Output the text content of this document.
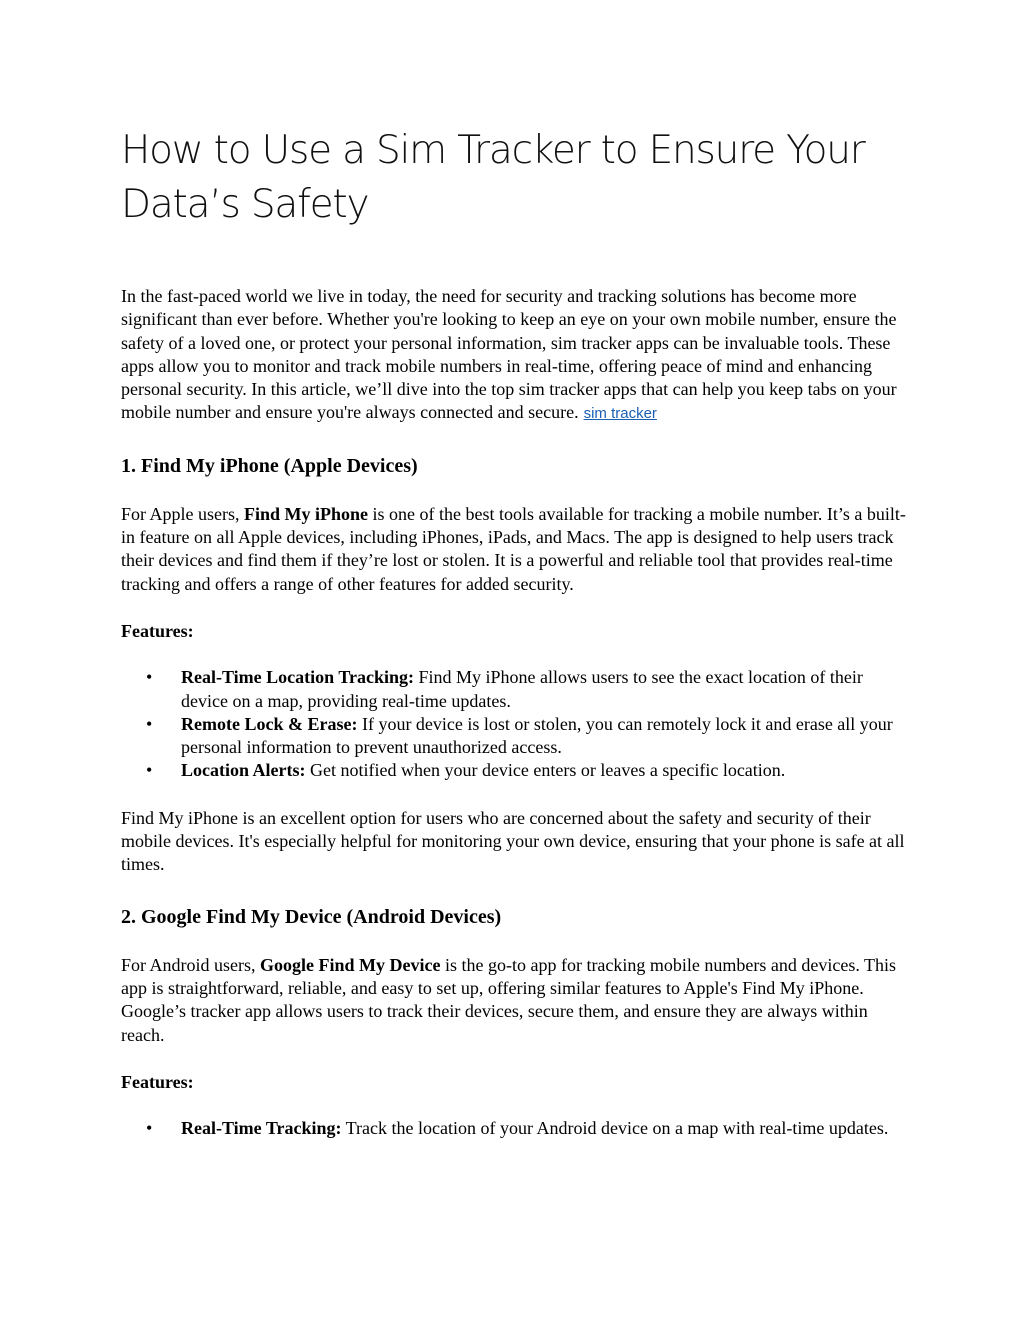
How to Use a Sim Tracker to Ensure Your Data’s Safety

In the fast-paced world we live in today, the need for security and tracking solutions has become more significant than ever before. Whether you're looking to keep an eye on your own mobile number, ensure the safety of a loved one, or protect your personal information, sim tracker apps can be invaluable tools. These apps allow you to monitor and track mobile numbers in real-time, offering peace of mind and enhancing personal security. In this article, we’ll dive into the top sim tracker apps that can help you keep tabs on your mobile number and ensure you're always connected and secure. sim tracker

1. Find My iPhone (Apple Devices)

For Apple users, Find My iPhone is one of the best tools available for tracking a mobile number. It’s a built-in feature on all Apple devices, including iPhones, iPads, and Macs. The app is designed to help users track their devices and find them if they’re lost or stolen. It is a powerful and reliable tool that provides real-time tracking and offers a range of other features for added security.

Features:

• Real-Time Location Tracking: Find My iPhone allows users to see the exact location of their device on a map, providing real-time updates.
• Remote Lock & Erase: If your device is lost or stolen, you can remotely lock it and erase all your personal information to prevent unauthorized access.
• Location Alerts: Get notified when your device enters or leaves a specific location.

Find My iPhone is an excellent option for users who are concerned about the safety and security of their mobile devices. It's especially helpful for monitoring your own device, ensuring that your phone is safe at all times.

2. Google Find My Device (Android Devices)

For Android users, Google Find My Device is the go-to app for tracking mobile numbers and devices. This app is straightforward, reliable, and easy to set up, offering similar features to Apple's Find My iPhone. Google’s tracker app allows users to track their devices, secure them, and ensure they are always within reach.

Features:

• Real-Time Tracking: Track the location of your Android device on a map with real-time updates.
